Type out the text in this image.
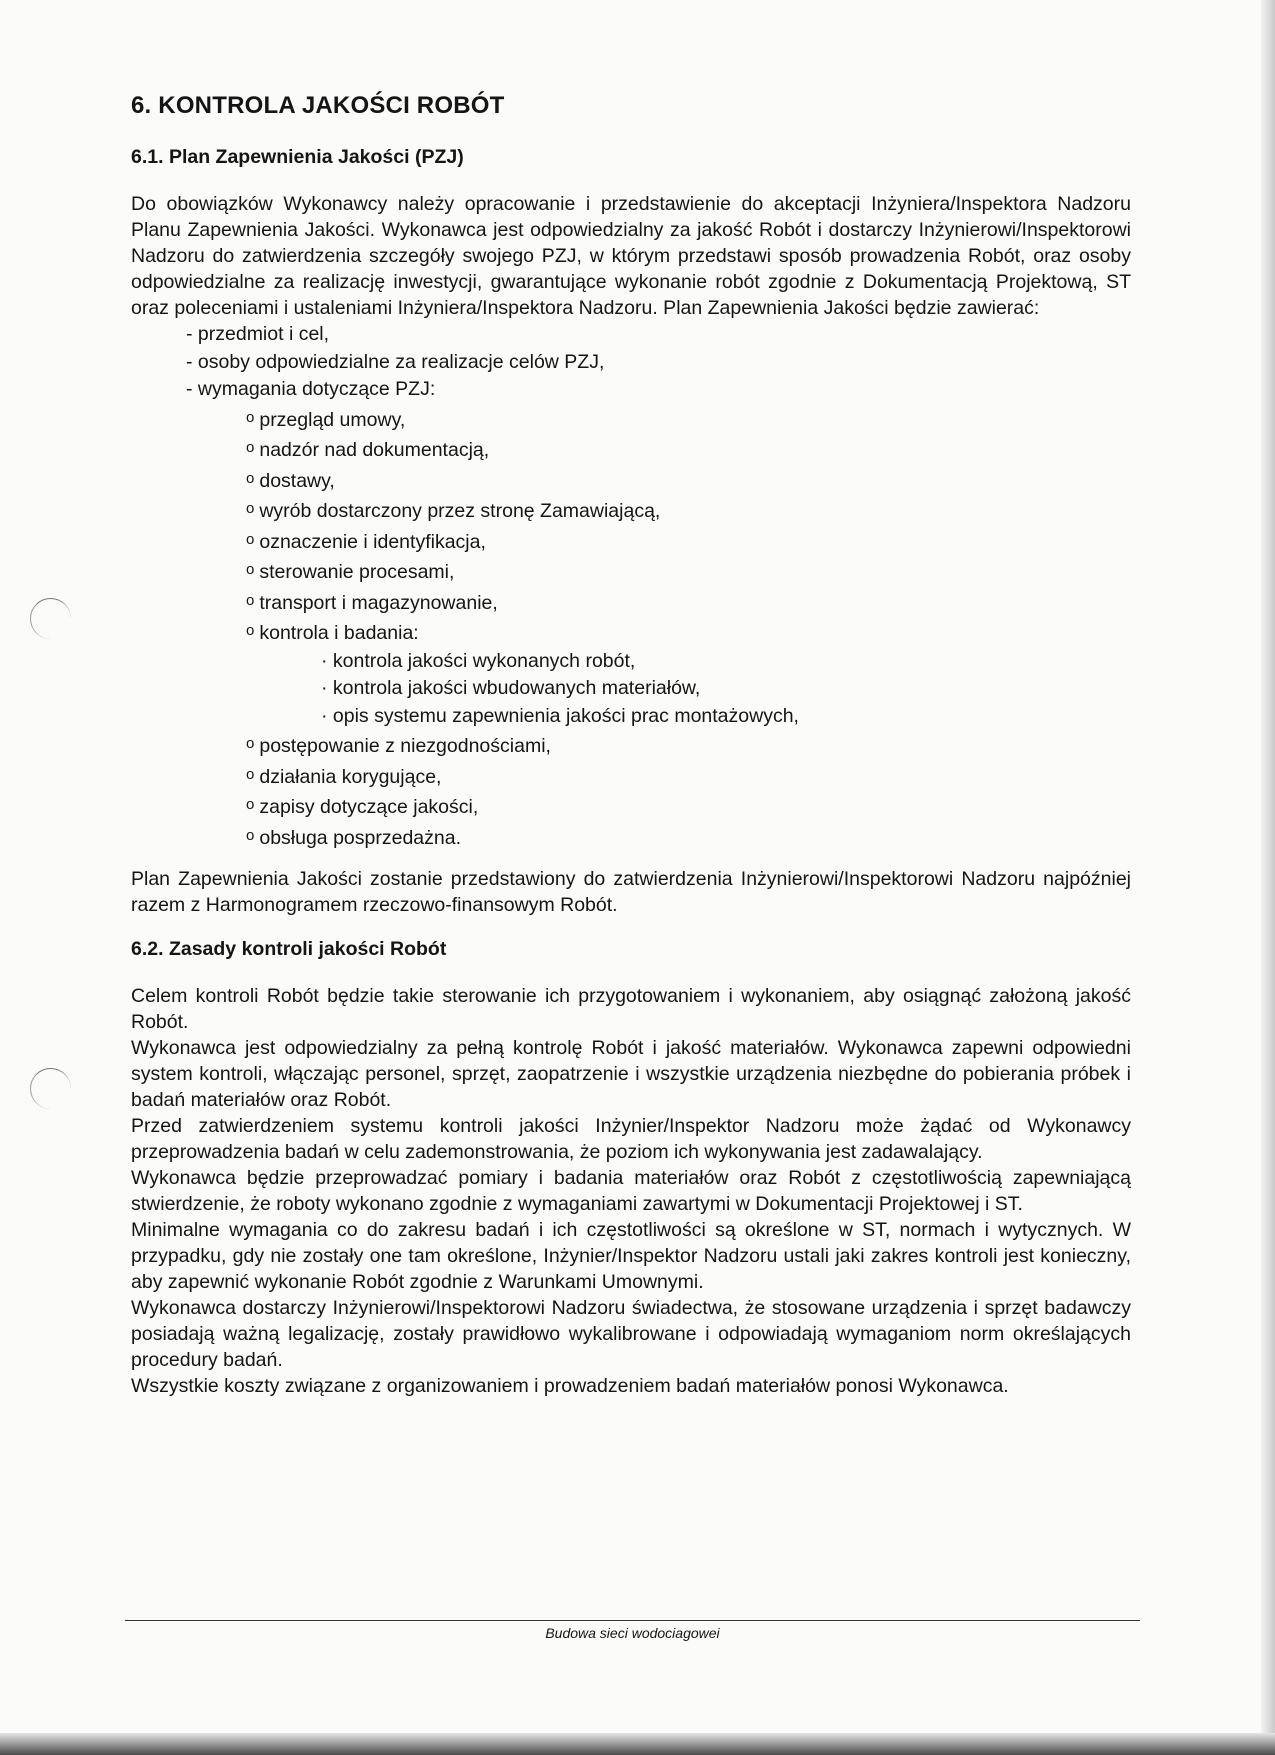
6. KONTROLA JAKOŚCI ROBÓT
6.1. Plan Zapewnienia Jakości (PZJ)

Do obowiązków Wykonawcy należy opracowanie i przedstawienie do akceptacji Inżyniera/Inspektora Nadzoru Planu Zapewnienia Jakości. Wykonawca jest odpowiedzialny za jakość Robót i dostarczy Inżynierowi/Inspektorowi Nadzoru do zatwierdzenia szczegóły swojego PZJ, w którym przedstawi sposób prowadzenia Robót, oraz osoby odpowiedzialne za realizację inwestycji, gwarantujące wykonanie robót zgodnie z Dokumentacją Projektową, ST oraz poleceniami i ustaleniami Inżyniera/Inspektora Nadzoru. Plan Zapewnienia Jakości będzie zawierać:

- przedmiot i cel,
- osoby odpowiedzialne za realizacje celów PZJ,
- wymagania dotyczące PZJ:
$^o$ przegląd umowy,
$^o$ nadzór nad dokumentacją,
$^o$ dostawy,
$^o$ wyrób dostarczony przez stronę Zamawiającą,
$^o$ oznaczenie i identyfikacja,
$^o$ sterowanie procesami,
$^o$ transport i magazynowanie,
$^o$ kontrola i badania:
· kontrola jakości wykonanych robót,
· kontrola jakości wbudowanych materiałów,
· opis systemu zapewnienia jakości prac montażowych,
$^o$ postępowanie z niezgodnościami,
$^o$ działania korygujące,
$^o$ zapisy dotyczące jakości,
$^o$ obsługa posprzedażna.

Plan Zapewnienia Jakości zostanie przedstawiony do zatwierdzenia Inżynierowi/Inspektorowi Nadzoru najpóźniej razem z Harmonogramem rzeczowo-finansowym Robót.

6.2. Zasady kontroli jakości Robót

Celem kontroli Robót będzie takie sterowanie ich przygotowaniem i wykonaniem, aby osiągnąć założoną jakość Robót.

Wykonawca jest odpowiedzialny za pełną kontrolę Robót i jakość materiałów. Wykonawca zapewni odpowiedni system kontroli, włączając personel, sprzęt, zaopatrzenie i wszystkie urządzenia niezbędne do pobierania próbek i badań materiałów oraz Robót.

Przed zatwierdzeniem systemu kontroli jakości Inżynier/Inspektor Nadzoru może żądać od Wykonawcy przeprowadzenia badań w celu zademonstrowania, że poziom ich wykonywania jest zadawalający.

Wykonawca będzie przeprowadzać pomiary i badania materiałów oraz Robót z częstotliwością zapewniającą stwierdzenie, że roboty wykonano zgodnie z wymaganiami zawartymi w Dokumentacji Projektowej i ST.

Minimalne wymagania co do zakresu badań i ich częstotliwości są określone w ST, normach i wytycznych. W przypadku, gdy nie zostały one tam określone, Inżynier/Inspektor Nadzoru ustali jaki zakres kontroli jest konieczny, aby zapewnić wykonanie Robót zgodnie z Warunkami Umownymi.

Wykonawca dostarczy Inżynierowi/Inspektorowi Nadzoru świadectwa, że stosowane urządzenia i sprzęt badawczy posiadają ważną legalizację, zostały prawidłowo wykalibrowane i odpowiadają wymaganiom norm określających procedury badań.

Wszystkie koszty związane z organizowaniem i prowadzeniem badań materiałów ponosi Wykonawca.

Budowa sieci wodociagowei
